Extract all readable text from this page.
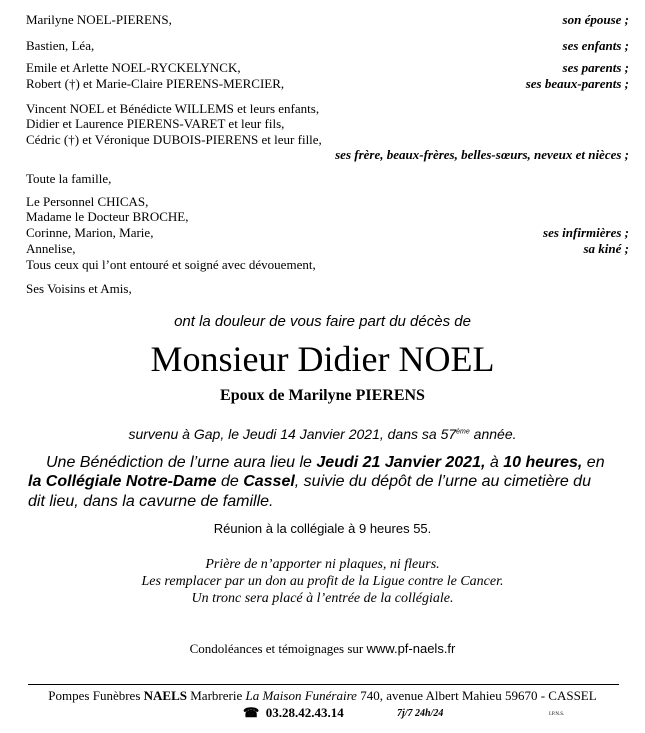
Marilyne NOEL-PIERENS,	son épouse ;
Bastien, Léa,	ses enfants ;
Emile et Arlette NOEL-RYCKELYNCK,	ses parents ;
Robert (†) et Marie-Claire PIERENS-MERCIER,	ses beaux-parents ;
Vincent NOEL et Bénédicte WILLEMS et leurs enfants,
Didier et Laurence PIERENS-VARET et leur fils,
Cédric (†) et Véronique DUBOIS-PIERENS et leur fille,
ses frère, beaux-frères, belles-sœurs, neveux et nièces ;
Toute la famille,
Le Personnel CHICAS,
Madame le Docteur BROCHE,
Corinne, Marion, Marie,	ses infirmières ;
Annelise,	sa kiné ;
Tous ceux qui l’ont entouré et soigné avec dévouement,
Ses Voisins et Amis,
ont la douleur de vous faire part du décès de
Monsieur Didier NOEL
Epoux de Marilyne PIERENS
survenu à Gap, le Jeudi 14 Janvier 2021, dans sa 57ème année.
Une Bénédiction de l’urne aura lieu le Jeudi 21 Janvier 2021, à 10 heures, en
la Collégiale Notre-Dame de Cassel, suivie du dépôt de l’urne au cimetière du
dit lieu, dans la cavurne de famille.
Réunion à la collégiale à 9 heures 55.
Prière de n’apporter ni plaques, ni fleurs.
Les remplacer par un don au profit de la Ligue contre le Cancer.
Un tronc sera placé à l’entrée de la collégiale.
Condoléances et témoignages sur www.pf-naels.fr
Pompes Funèbres NAELS Marbrerie La Maison Funéraire 740, avenue Albert Mahieu 59670 - CASSEL
☎ 03.28.42.43.14	7j/7 24h/24	I.P.N.S.
